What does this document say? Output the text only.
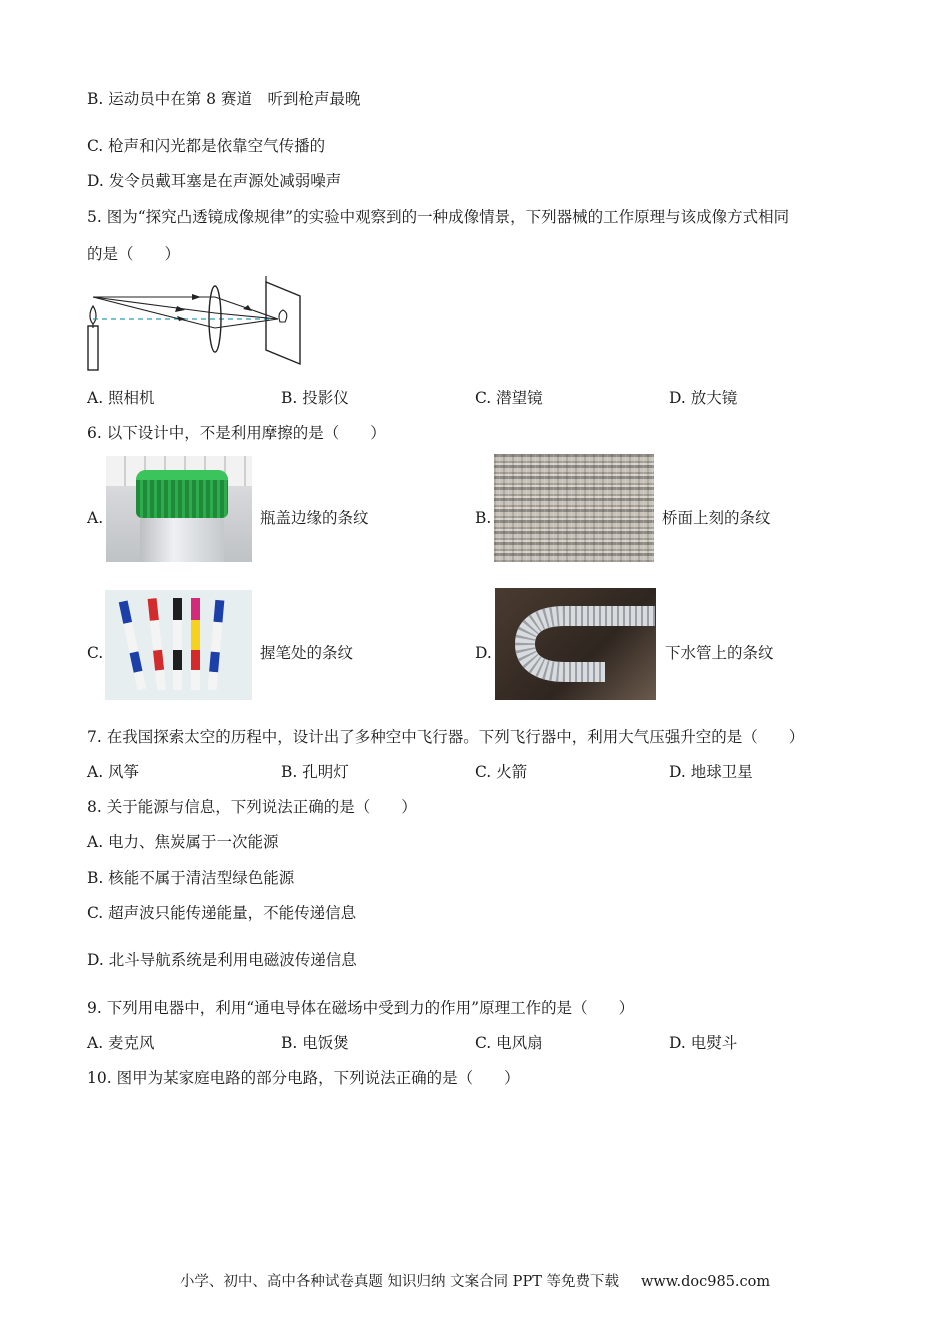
B. 运动员中在第 8 赛道　听到枪声最晚
C. 枪声和闪光都是依靠空气传播的
D. 发令员戴耳塞是在声源处减弱噪声
5. 图为“探究凸透镜成像规律”的实验中观察到的一种成像情景，下列器械的工作原理与该成像方式相同
的是（　　）
A. 照相机	B. 投影仪	C. 潜望镜	D. 放大镜
6. 以下设计中，不是利用摩擦的是（　　）
A.	瓶盖边缘的条纹	B.	桥面上刻的条纹
C.	握笔处的条纹	D.	下水管上的条纹
7. 在我国探索太空的历程中，设计出了多种空中飞行器。下列飞行器中，利用大气压强升空的是（　　）
A. 风筝	B. 孔明灯	C. 火箭	D. 地球卫星
8. 关于能源与信息，下列说法正确的是（　　）
A. 电力、焦炭属于一次能源
B. 核能不属于清洁型绿色能源
C. 超声波只能传递能量，不能传递信息
D. 北斗导航系统是利用电磁波传递信息
9. 下列用电器中，利用“通电导体在磁场中受到力的作用”原理工作的是（　　）
A. 麦克风	B. 电饭煲	C. 电风扇	D. 电熨斗
10. 图甲为某家庭电路的部分电路，下列说法正确的是（　　）
小学、初中、高中各种试卷真题 知识归纳 文案合同 PPT 等免费下载 www.doc985.com
